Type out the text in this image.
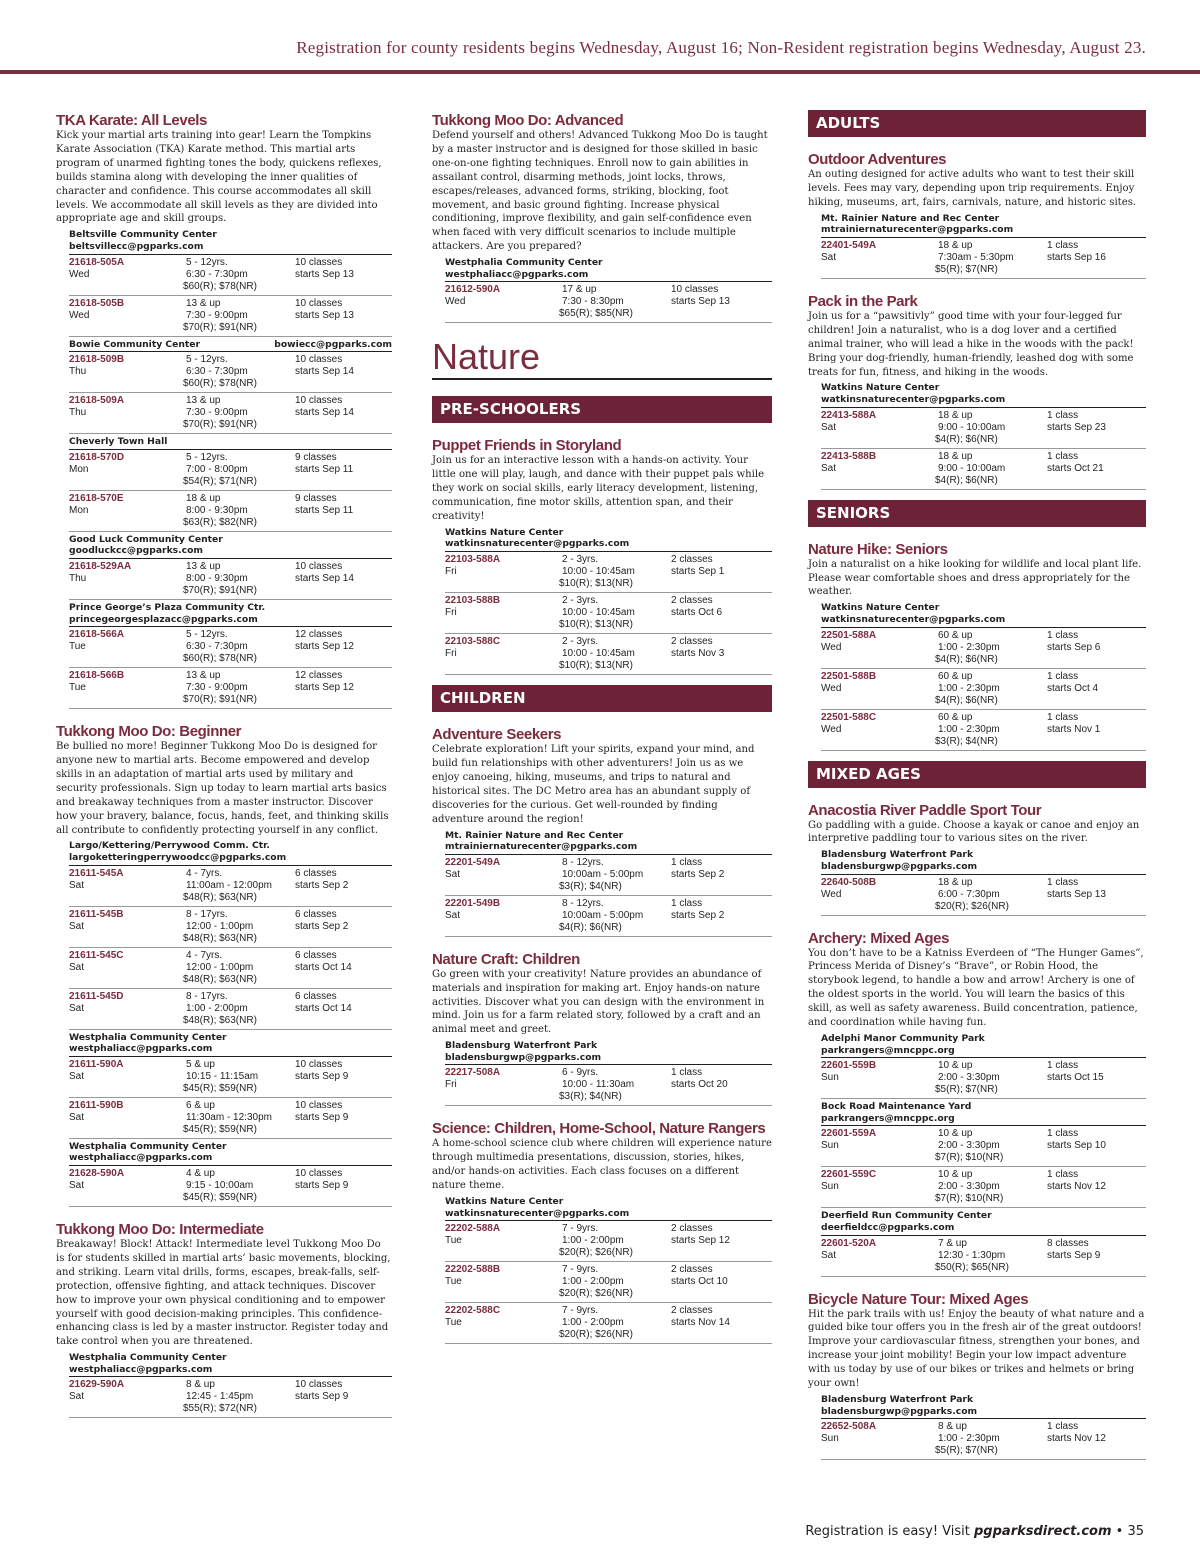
Registration for county residents begins Wednesday, August 16; Non-Resident registration begins Wednesday, August 23.
TKA Karate: All Levels
Kick your martial arts training into gear! Learn the Tompkins Karate Association (TKA) Karate method. This martial arts program of unarmed fighting tones the body, quickens reflexes, builds stamina along with developing the inner qualities of character and confidence. This course accommodates all skill levels. We accommodate all skill levels as they are divided into appropriate age and skill groups.
Beltsville Community Center
beltsvillecc@pgparks.com
21618-505A	5 - 12yrs.	10 classes
Wed	6:30 - 7:30pm	starts Sep 13
$60(R); $78(NR)
21618-505B	13 & up	10 classes
Wed	7:30 - 9:00pm	starts Sep 13
$70(R); $91(NR)
Bowie Community Center	bowiecc@pgparks.com
21618-509B	5 - 12yrs.	10 classes
Thu	6:30 - 7:30pm	starts Sep 14
$60(R); $78(NR)
21618-509A	13 & up	10 classes
Thu	7:30 - 9:00pm	starts Sep 14
$70(R); $91(NR)
Cheverly Town Hall
21618-570D	5 - 12yrs.	9 classes
Mon	7:00 - 8:00pm	starts Sep 11
$54(R); $71(NR)
21618-570E	18 & up	9 classes
Mon	8:00 - 9:30pm	starts Sep 11
$63(R); $82(NR)
Good Luck Community Center
goodluckcc@pgparks.com
21618-529AA	13 & up	10 classes
Thu	8:00 - 9:30pm	starts Sep 14
$70(R); $91(NR)
Prince George’s Plaza Community Ctr.
princegeorgesplazacc@pgparks.com
21618-566A	5 - 12yrs.	12 classes
Tue	6:30 - 7:30pm	starts Sep 12
$60(R); $78(NR)
21618-566B	13 & up	12 classes
Tue	7:30 - 9:00pm	starts Sep 12
$70(R); $91(NR)
Tukkong Moo Do: Beginner
Be bullied no more! Beginner Tukkong Moo Do is designed for anyone new to martial arts. Become empowered and develop skills in an adaptation of martial arts used by military and security professionals. Sign up today to learn martial arts basics and breakaway techniques from a master instructor. Discover how your bravery, balance, focus, hands, feet, and thinking skills all contribute to confidently protecting yourself in any conflict.
Largo/Kettering/Perrywood Comm. Ctr.
largoketteringperrywoodcc@pgparks.com
21611-545A	4 - 7yrs.	6 classes
Sat	11:00am - 12:00pm	starts Sep 2
$48(R); $63(NR)
21611-545B	8 - 17yrs.	6 classes
Sat	12:00 - 1:00pm	starts Sep 2
$48(R); $63(NR)
21611-545C	4 - 7yrs.	6 classes
Sat	12:00 - 1:00pm	starts Oct 14
$48(R); $63(NR)
21611-545D	8 - 17yrs.	6 classes
Sat	1:00 - 2:00pm	starts Oct 14
$48(R); $63(NR)
Westphalia Community Center
westphaliacc@pgparks.com
21611-590A	5 & up	10 classes
Sat	10:15 - 11:15am	starts Sep 9
$45(R); $59(NR)
21611-590B	6 & up	10 classes
Sat	11:30am - 12:30pm	starts Sep 9
$45(R); $59(NR)
Westphalia Community Center
westphaliacc@pgparks.com
21628-590A	4 & up	10 classes
Sat	9:15 - 10:00am	starts Sep 9
$45(R); $59(NR)
Tukkong Moo Do: Intermediate
Breakaway! Block! Attack! Intermediate level Tukkong Moo Do is for students skilled in martial arts’ basic movements, blocking, and striking. Learn vital drills, forms, escapes, break-falls, self-protection, offensive fighting, and attack techniques. Discover how to improve your own physical conditioning and to empower yourself with good decision-making principles. This confidence-enhancing class is led by a master instructor. Register today and take control when you are threatened.
Westphalia Community Center
westphaliacc@pgparks.com
21629-590A	8 & up	10 classes
Sat	12:45 - 1:45pm	starts Sep 9
$55(R); $72(NR)
Tukkong Moo Do: Advanced
Defend yourself and others! Advanced Tukkong Moo Do is taught by a master instructor and is designed for those skilled in basic one-on-one fighting techniques. Enroll now to gain abilities in assailant control, disarming methods, joint locks, throws, escapes/releases, advanced forms, striking, blocking, foot movement, and basic ground fighting. Increase physical conditioning, improve flexibility, and gain self-confidence even when faced with very difficult scenarios to include multiple attackers. Are you prepared?
Westphalia Community Center
westphaliacc@pgparks.com
21612-590A	17 & up	10 classes
Wed	7:30 - 8:30pm	starts Sep 13
$65(R); $85(NR)
Nature
PRE-SCHOOLERS
Puppet Friends in Storyland
Join us for an interactive lesson with a hands-on activity. Your little one will play, laugh, and dance with their puppet pals while they work on social skills, early literacy development, listening, communication, fine motor skills, attention span, and their creativity!
Watkins Nature Center
watkinsnaturecenter@pgparks.com
22103-588A	2 - 3yrs.	2 classes
Fri	10:00 - 10:45am	starts Sep 1
$10(R); $13(NR)
22103-588B	2 - 3yrs.	2 classes
Fri	10:00 - 10:45am	starts Oct 6
$10(R); $13(NR)
22103-588C	2 - 3yrs.	2 classes
Fri	10:00 - 10:45am	starts Nov 3
$10(R); $13(NR)
CHILDREN
Adventure Seekers
Celebrate exploration! Lift your spirits, expand your mind, and build fun relationships with other adventurers! Join us as we enjoy canoeing, hiking, museums, and trips to natural and historical sites. The DC Metro area has an abundant supply of discoveries for the curious. Get well-rounded by finding adventure around the region!
Mt. Rainier Nature and Rec Center
mtrainiernaturecenter@pgparks.com
22201-549A	8 - 12yrs.	1 class
Sat	10:00am - 5:00pm	starts Sep 2
$3(R); $4(NR)
22201-549B	8 - 12yrs.	1 class
Sat	10:00am - 5:00pm	starts Sep 2
$4(R); $6(NR)
Nature Craft: Children
Go green with your creativity! Nature provides an abundance of materials and inspiration for making art. Enjoy hands-on nature activities. Discover what you can design with the environment in mind. Join us for a farm related story, followed by a craft and an animal meet and greet.
Bladensburg Waterfront Park
bladensburgwp@pgparks.com
22217-508A	6 - 9yrs.	1 class
Fri	10:00 - 11:30am	starts Oct 20
$3(R); $4(NR)
Science: Children, Home-School, Nature Rangers
A home-school science club where children will experience nature through multimedia presentations, discussion, stories, hikes, and/or hands-on activities. Each class focuses on a different nature theme.
Watkins Nature Center
watkinsnaturecenter@pgparks.com
22202-588A	7 - 9yrs.	2 classes
Tue	1:00 - 2:00pm	starts Sep 12
$20(R); $26(NR)
22202-588B	7 - 9yrs.	2 classes
Tue	1:00 - 2:00pm	starts Oct 10
$20(R); $26(NR)
22202-588C	7 - 9yrs.	2 classes
Tue	1:00 - 2:00pm	starts Nov 14
$20(R); $26(NR)
ADULTS
Outdoor Adventures
An outing designed for active adults who want to test their skill levels. Fees may vary, depending upon trip requirements. Enjoy hiking, museums, art, fairs, carnivals, nature, and historic sites.
Mt. Rainier Nature and Rec Center
mtrainiernaturecenter@pgparks.com
22401-549A	18 & up	1 class
Sat	7:30am - 5:30pm	starts Sep 16
$5(R); $7(NR)
Pack in the Park
Join us for a “pawsitivly” good time with your four-legged fur children! Join a naturalist, who is a dog lover and a certified animal trainer, who will lead a hike in the woods with the pack! Bring your dog-friendly, human-friendly, leashed dog with some treats for fun, fitness, and hiking in the woods.
Watkins Nature Center
watkinsnaturecenter@pgparks.com
22413-588A	18 & up	1 class
Sat	9:00 - 10:00am	starts Sep 23
$4(R); $6(NR)
22413-588B	18 & up	1 class
Sat	9:00 - 10:00am	starts Oct 21
$4(R); $6(NR)
SENIORS
Nature Hike: Seniors
Join a naturalist on a hike looking for wildlife and local plant life. Please wear comfortable shoes and dress appropriately for the weather.
Watkins Nature Center
watkinsnaturecenter@pgparks.com
22501-588A	60 & up	1 class
Wed	1:00 - 2:30pm	starts Sep 6
$4(R); $6(NR)
22501-588B	60 & up	1 class
Wed	1:00 - 2:30pm	starts Oct 4
$4(R); $6(NR)
22501-588C	60 & up	1 class
Wed	1:00 - 2:30pm	starts Nov 1
$3(R); $4(NR)
MIXED AGES
Anacostia River Paddle Sport Tour
Go paddling with a guide. Choose a kayak or canoe and enjoy an interpretive paddling tour to various sites on the river.
Bladensburg Waterfront Park
bladensburgwp@pgparks.com
22640-508B	18 & up	1 class
Wed	6:00 - 7:30pm	starts Sep 13
$20(R); $26(NR)
Archery: Mixed Ages
You don’t have to be a Katniss Everdeen of “The Hunger Games”, Princess Merida of Disney’s “Brave”, or Robin Hood, the storybook legend, to handle a bow and arrow! Archery is one of the oldest sports in the world. You will learn the basics of this skill, as well as safety awareness. Build concentration, patience, and coordination while having fun.
Adelphi Manor Community Park
parkrangers@mncppc.org
22601-559B	10 & up	1 class
Sun	2:00 - 3:30pm	starts Oct 15
$5(R); $7(NR)
Bock Road Maintenance Yard
parkrangers@mncppc.org
22601-559A	10 & up	1 class
Sun	2:00 - 3:30pm	starts Sep 10
$7(R); $10(NR)
22601-559C	10 & up	1 class
Sun	2:00 - 3:30pm	starts Nov 12
$7(R); $10(NR)
Deerfield Run Community Center
deerfieldcc@pgparks.com
22601-520A	7 & up	8 classes
Sat	12:30 - 1:30pm	starts Sep 9
$50(R); $65(NR)
Bicycle Nature Tour: Mixed Ages
Hit the park trails with us! Enjoy the beauty of what nature and a guided bike tour offers you in the fresh air of the great outdoors! Improve your cardiovascular fitness, strengthen your bones, and increase your joint mobility! Begin your low impact adventure with us today by use of our bikes or trikes and helmets or bring your own!
Bladensburg Waterfront Park
bladensburgwp@pgparks.com
22652-508A	8 & up	1 class
Sun	1:00 - 2:30pm	starts Nov 12
$5(R); $7(NR)
Registration is easy! Visit pgparksdirect.com • 35
